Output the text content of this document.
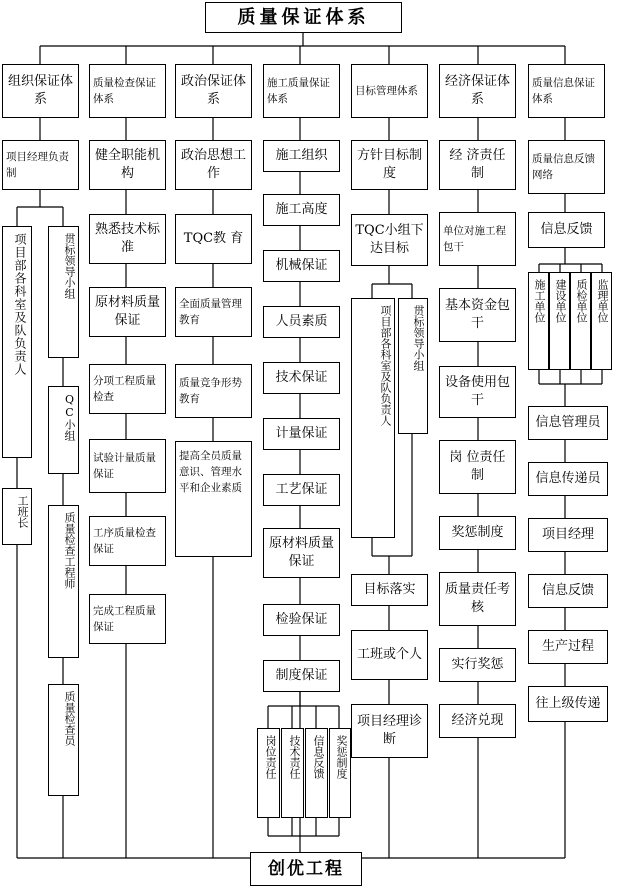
质量保证体系
组织保证体 系
质量检查保证体系
政治保证体 系
施工质量保证体系
目标管理体系
经济保证体 系
质量信息保证体系
项目经理负责制
项目部各科室及队负责人	贯标领导小组
QC小组
工班长
质量检查工程师
质量检查员
健全职能机 构
熟悉技术标 准
原材料质量保证
分项工程质量检查
试验计量质量保证
工序质量检查保证
完成工程质量保证
政治思想工 作
TQC教 育
全面质量管理教育
质量竞争形势教育
提高全员质量意识、管理水平和企业素质
施工组织
施工高度
机械保证
人员素质
技术保证
计量保证
工艺保证
原材料质量保证
检验保证
制度保证
岗位责任	技术责任	信息反馈 奖惩制度
方针目标制 度
TQC小组下达目标
项目部各科室及队负责人	贯标领导小组
目标落实
工班或个人
项目经理诊 断
经 济责任制
单位对施工程包干
基本资金包 干
设备使用包 干
岗 位责任制
奖惩制度
质量责任考 核
实行奖惩
经济兑现
质量信息反馈网络
信息反馈
施工单位 建设单位 质检单位 监理单位
信息管理员
信息传递员
项目经理
信息反馈
生产过程
往上级传递
创优工程
